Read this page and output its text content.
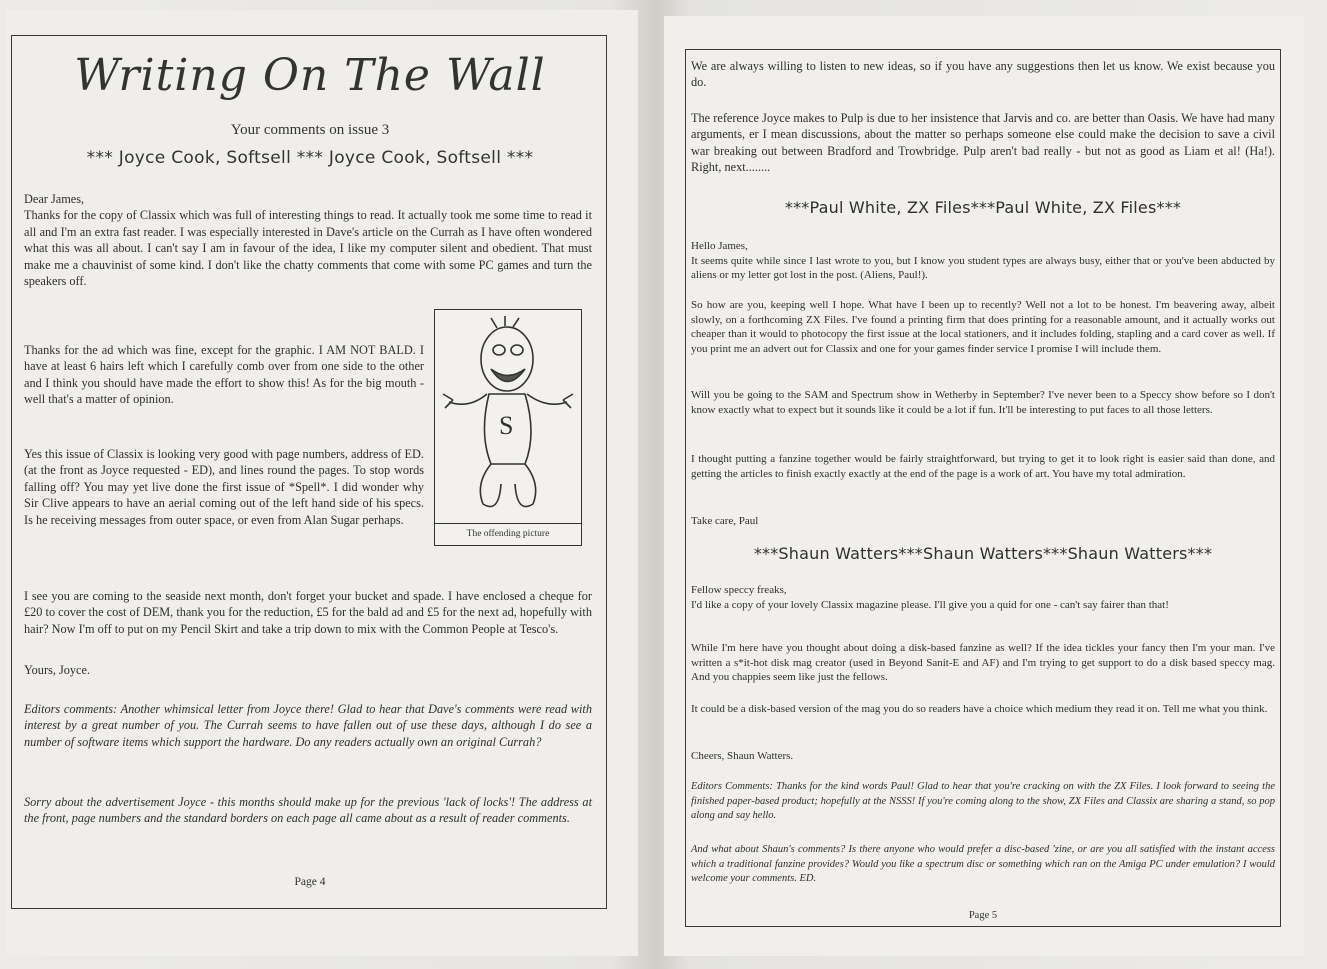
Writing On The Wall
Your comments on issue 3
*** Joyce Cook, Softsell *** Joyce Cook, Softsell ***

Dear James,

Thanks for the copy of Classix which was full of interesting things to read. It actually took me some time to read it all and I'm an extra fast reader. I was especially interested in Dave's article on the Currah as I have often wondered what this was all about. I can't say I am in favour of the idea, I like my computer silent and obedient. That must make me a chauvinist of some kind. I don't like the chatty comments that come with some PC games and turn the speakers off.

Thanks for the ad which was fine, except for the graphic. I AM NOT BALD. I have at least 6 hairs left which I carefully comb over from one side to the other and I think you should have made the effort to show this! As for the big mouth - well that's a matter of opinion.
Yes this issue of Classix is looking very good with page numbers, address of ED. (at the front as Joyce requested - ED), and lines round the pages. To stop words falling off? You may yet live done the first issue of *Spell*. I did wonder why Sir Clive appears to have an aerial coming out of the left hand side of his specs. Is he receiving messages from outer space, or even from Alan Sugar perhaps.
S
The offending picture
I see you are coming to the seaside next month, don't forget your bucket and spade. I have enclosed a cheque for £20 to cover the cost of DEM, thank you for the reduction, £5 for the bald ad and £5 for the next ad, hopefully with hair? Now I'm off to put on my Pencil Skirt and take a trip down to mix with the Common People at Tesco's.
Yours, Joyce.
Editors comments: Another whimsical letter from Joyce there! Glad to hear that Dave's comments were read with interest by a great number of you. The Currah seems to have fallen out of use these days, although I do see a number of software items which support the hardware. Do any readers actually own an original Currah?
Sorry about the advertisement Joyce - this months should make up for the previous 'lack of locks'! The address at the front, page numbers and the standard borders on each page all came about as a result of reader comments.
Page 4
We are always willing to listen to new ideas, so if you have any suggestions then let us know. We exist because you do.
The reference Joyce makes to Pulp is due to her insistence that Jarvis and co. are better than Oasis. We have had many arguments, er I mean discussions, about the matter so perhaps someone else could make the decision to save a civil war breaking out between Bradford and Trowbridge. Pulp aren't bad really - but not as good as Liam et al! (Ha!). Right, next........
***Paul White, ZX Files***Paul White, ZX Files***

Hello James,

It seems quite while since I last wrote to you, but I know you student types are always busy, either that or you've been abducted by aliens or my letter got lost in the post. (Aliens, Paul!).

So how are you, keeping well I hope. What have I been up to recently? Well not a lot to be honest. I'm beavering away, albeit slowly, on a forthcoming ZX Files. I've found a printing firm that does printing for a reasonable amount, and it actually works out cheaper than it would to photocopy the first issue at the local stationers, and it includes folding, stapling and a card cover as well. If you print me an advert out for Classix and one for your games finder service I promise I will include them.
Will you be going to the SAM and Spectrum show in Wetherby in September? I've never been to a Speccy show before so I don't know exactly what to expect but it sounds like it could be a lot if fun. It'll be interesting to put faces to all those letters.
I thought putting a fanzine together would be fairly straightforward, but trying to get it to look right is easier said than done, and getting the articles to finish exactly exactly at the end of the page is a work of art. You have my total admiration.
Take care, Paul
***Shaun Watters***Shaun Watters***Shaun Watters***

Fellow speccy freaks,

I'd like a copy of your lovely Classix magazine please. I'll give you a quid for one - can't say fairer than that!

While I'm here have you thought about doing a disk-based fanzine as well? If the idea tickles your fancy then I'm your man. I've written a s*it-hot disk mag creator (used in Beyond Sanit-E and AF) and I'm trying to get support to do a disk based speccy mag. And you chappies seem like just the fellows.
It could be a disk-based version of the mag you do so readers have a choice which medium they read it on. Tell me what you think.
Cheers, Shaun Watters.
Editors Comments: Thanks for the kind words Paul! Glad to hear that you're cracking on with the ZX Files. I look forward to seeing the finished paper-based product; hopefully at the NSSS! If you're coming along to the show, ZX Files and Classix are sharing a stand, so pop along and say hello.
And what about Shaun's comments? Is there anyone who would prefer a disc-based 'zine, or are you all satisfied with the instant access which a traditional fanzine provides? Would you like a spectrum disc or something which ran on the Amiga PC under emulation? I would welcome your comments. ED.
Page 5
